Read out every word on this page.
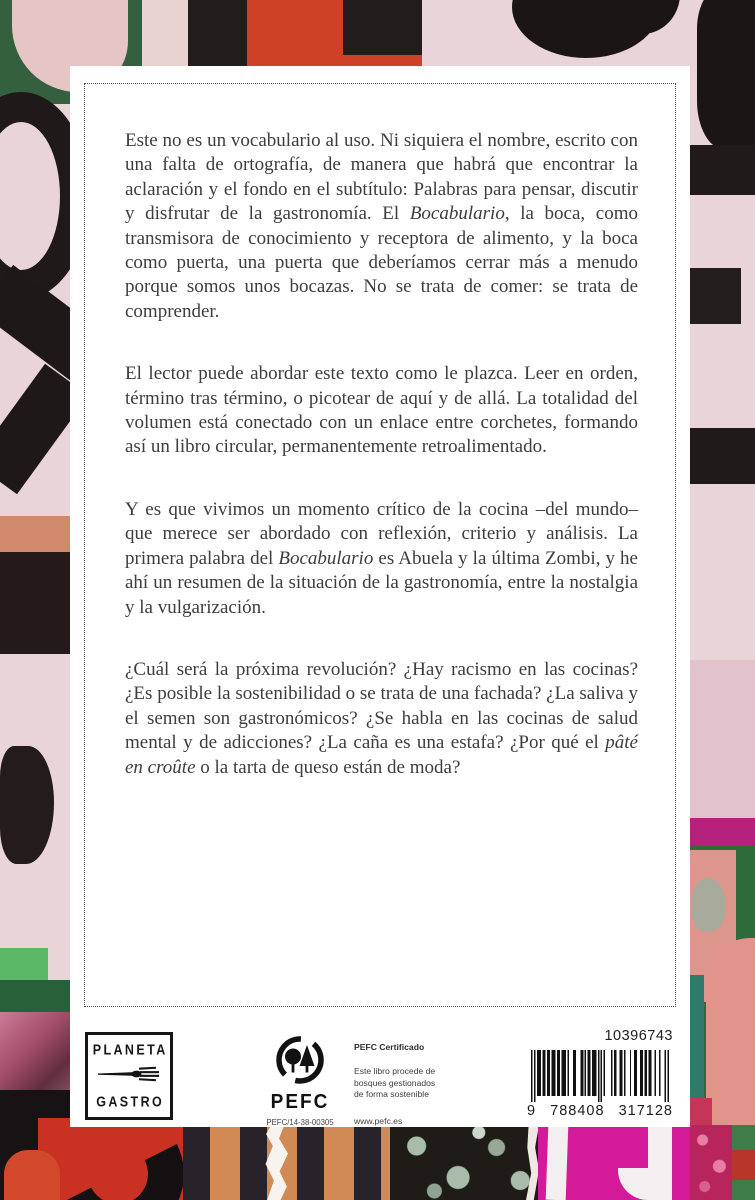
Este no es un vocabulario al uso. Ni siquiera el nombre, escrito con una falta de ortografía, de manera que habrá que encontrar la aclaración y el fondo en el subtítulo: Palabras para pensar, discutir y disfrutar de la gastronomía. El Bocabulario, la boca, como transmisora de conocimiento y receptora de alimento, y la boca como puerta, una puerta que deberíamos cerrar más a menudo porque somos unos bocazas. No se trata de comer: se trata de comprender.

El lector puede abordar este texto como le plazca. Leer en orden, término tras término, o picotear de aquí y de allá. La totalidad del volumen está conectado con un enlace entre corchetes, formando así un libro circular, permanentemente retroalimentado.

Y es que vivimos un momento crítico de la cocina –del mundo– que merece ser abordado con reflexión, criterio y análisis. La primera palabra del Bocabulario es Abuela y la última Zombi, y he ahí un resumen de la situación de la gastronomía, entre la nostalgia y la vulgarización.

¿Cuál será la próxima revolución? ¿Hay racismo en las cocinas? ¿Es posible la sostenibilidad o se trata de una fachada? ¿La saliva y el semen son gastronómicos? ¿Se habla en las cocinas de salud mental y de adicciones? ¿La caña es una estafa? ¿Por qué el pâté en croûte o la tarta de queso están de moda?

PLANETA
GASTRO	PEFC
PEFC/14-38-00305
PEFC Certificado
Este libro procede de bosques gestionados de forma sostenible
www.pefc.es
10396743
9 788408 317128
